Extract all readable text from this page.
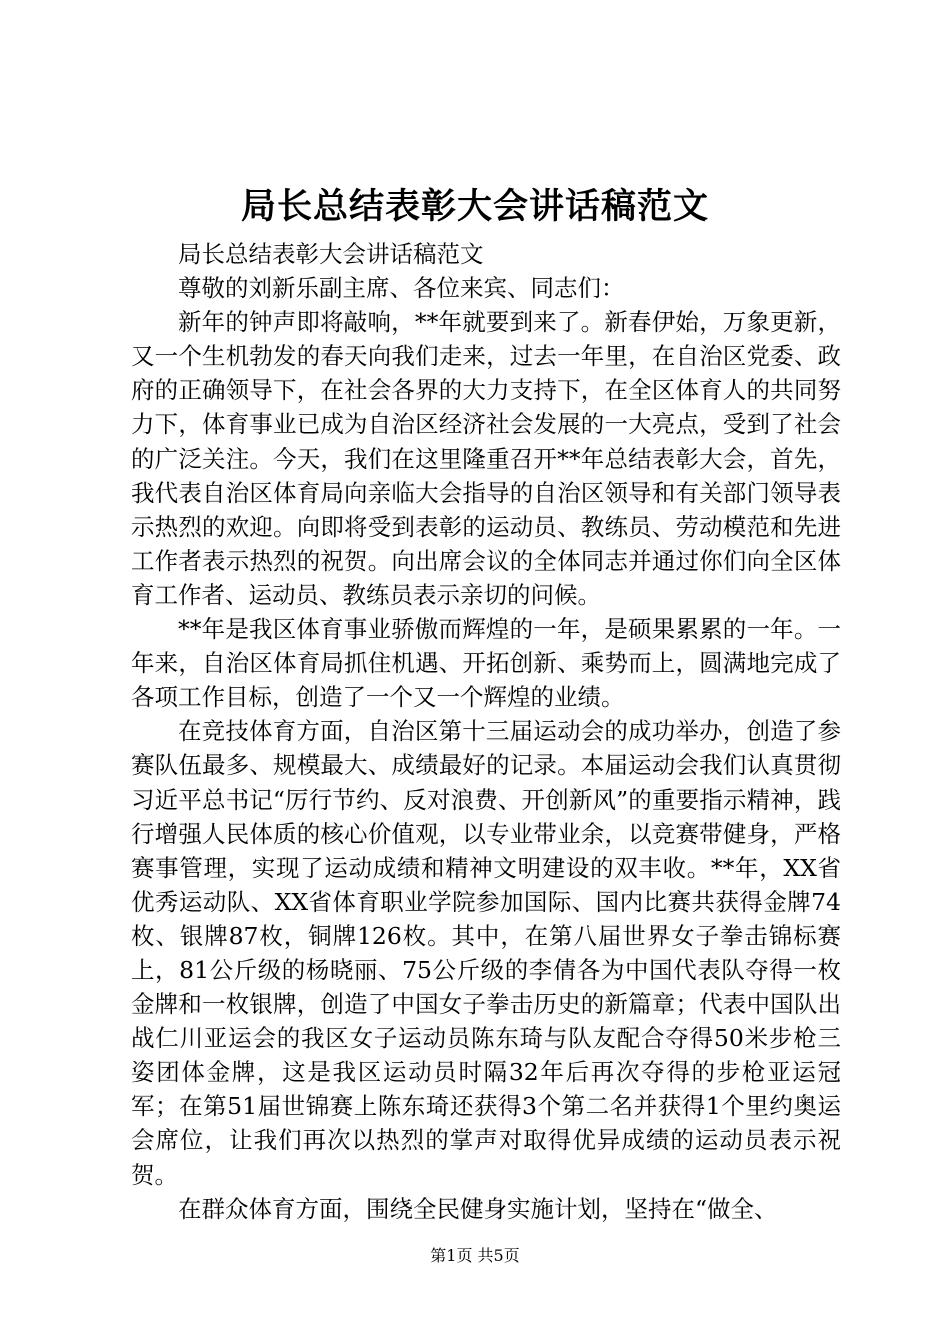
局长总结表彰大会讲话稿范文

局长总结表彰大会讲话稿范文

尊敬的刘新乐副主席、各位来宾、同志们：

新年的钟声即将敲响，**年就要到来了。新春伊始，万象更新，又一个生机勃发的春天向我们走来，过去一年里，在自治区党委、政府的正确领导下，在社会各界的大力支持下，在全区体育人的共同努力下，体育事业已成为自治区经济社会发展的一大亮点，受到了社会的广泛关注。今天，我们在这里隆重召开**年总结表彰大会，首先，我代表自治区体育局向亲临大会指导的自治区领导和有关部门领导表示热烈的欢迎。向即将受到表彰的运动员、教练员、劳动模范和先进工作者表示热烈的祝贺。向出席会议的全体同志并通过你们向全区体育工作者、运动员、教练员表示亲切的问候。

**年是我区体育事业骄傲而辉煌的一年，是硕果累累的一年。一年来，自治区体育局抓住机遇、开拓创新、乘势而上，圆满地完成了各项工作目标，创造了一个又一个辉煌的业绩。

在竞技体育方面，自治区第十三届运动会的成功举办，创造了参赛队伍最多、规模最大、成绩最好的记录。本届运动会我们认真贯彻习近平总书记“厉行节约、反对浪费、开创新风”的重要指示精神，践行增强人民体质的核心价值观，以专业带业余，以竞赛带健身，严格赛事管理，实现了运动成绩和精神文明建设的双丰收。**年，XX省优秀运动队、XX省体育职业学院参加国际、国内比赛共获得金牌74枚、银牌87枚，铜牌126枚。其中，在第八届世界女子拳击锦标赛上，81公斤级的杨晓丽、75公斤级的李倩各为中国代表队夺得一枚金牌和一枚银牌，创造了中国女子拳击历史的新篇章；代表中国队出战仁川亚运会的我区女子运动员陈东琦与队友配合夺得50米步枪三姿团体金牌，这是我区运动员时隔32年后再次夺得的步枪亚运冠军；在第51届世锦赛上陈东琦还获得3个第二名并获得1个里约奥运会席位，让我们再次以热烈的掌声对取得优异成绩的运动员表示祝贺。

在群众体育方面，围绕全民健身实施计划，坚持在“做全、

第1页 共5页
